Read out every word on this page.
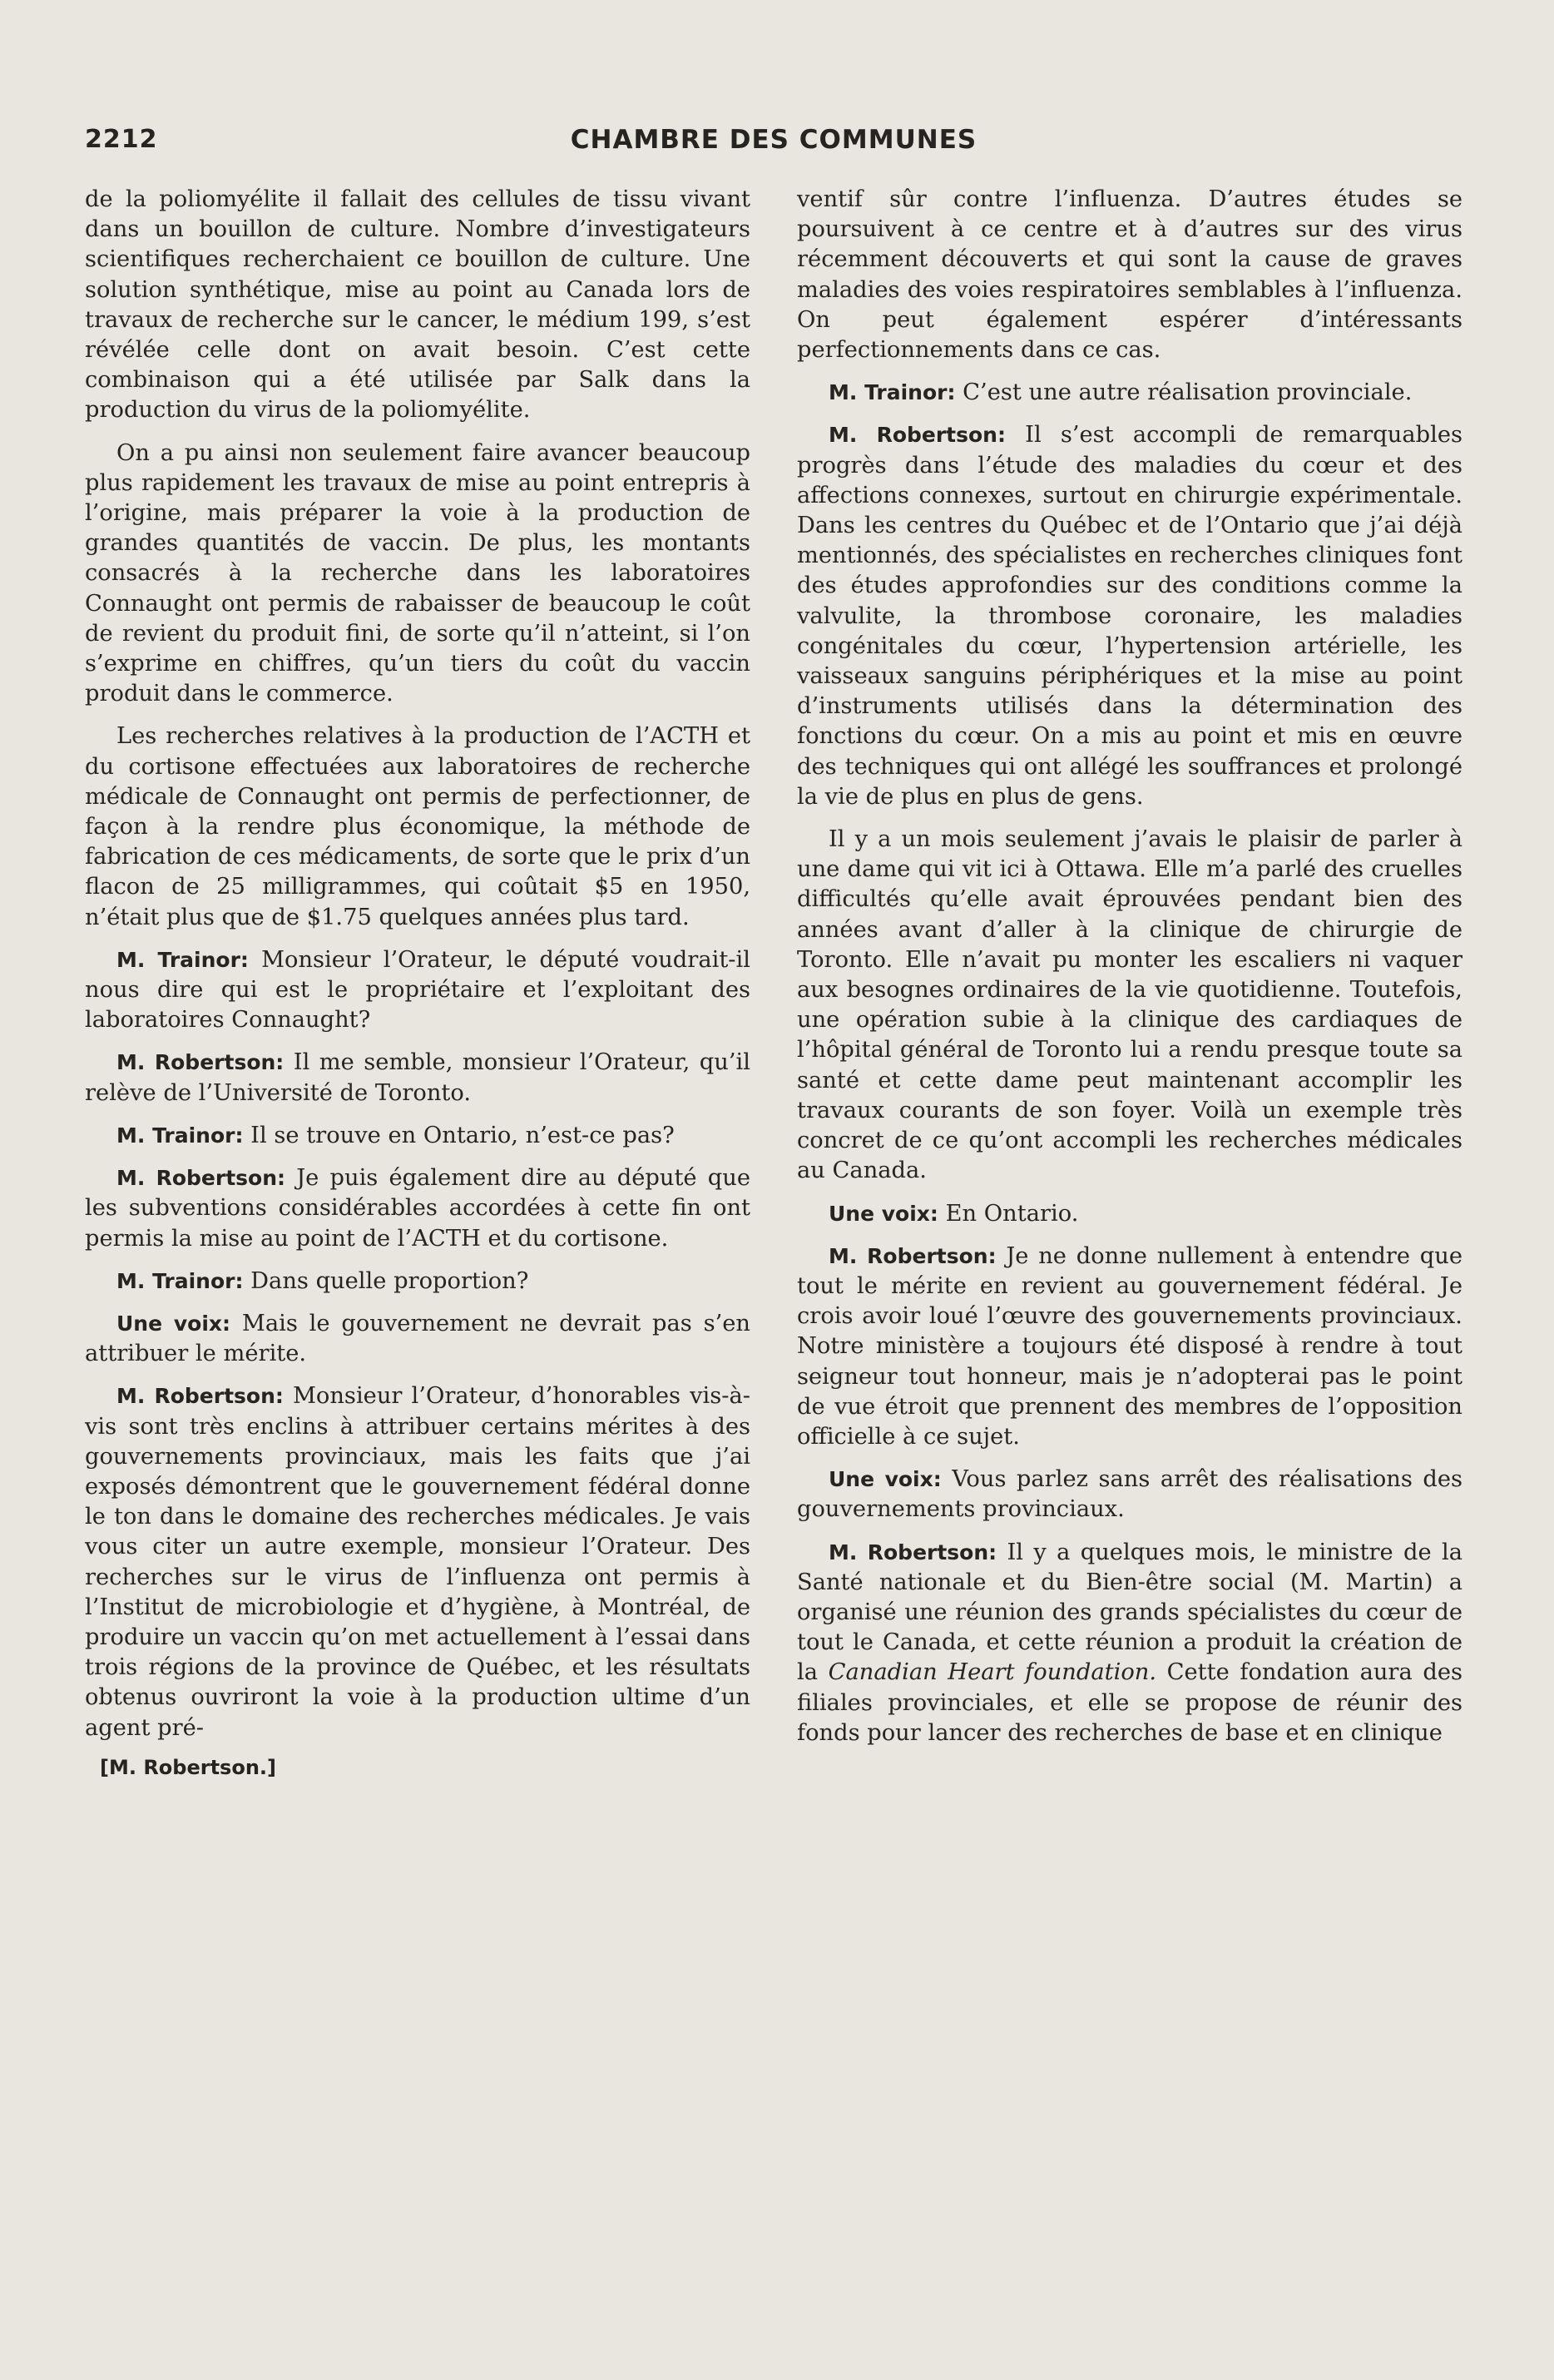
2212	CHAMBRE DES COMMUNES

de la poliomyélite il fallait des cellules de tissu vivant dans un bouillon de culture. Nombre d’investigateurs scientifiques recherchaient ce bouillon de culture. Une solution synthétique, mise au point au Canada lors de travaux de recherche sur le cancer, le médium 199, s’est révélée celle dont on avait besoin. C’est cette combinaison qui a été utilisée par Salk dans la production du virus de la poliomyélite.

On a pu ainsi non seulement faire avancer beaucoup plus rapidement les travaux de mise au point entrepris à l’origine, mais préparer la voie à la production de grandes quantités de vaccin. De plus, les montants consacrés à la recherche dans les laboratoires Connaught ont permis de rabaisser de beaucoup le coût de revient du produit fini, de sorte qu’il n’atteint, si l’on s’exprime en chiffres, qu’un tiers du coût du vaccin produit dans le commerce.

Les recherches relatives à la production de l’ACTH et du cortisone effectuées aux laboratoires de recherche médicale de Connaught ont permis de perfectionner, de façon à la rendre plus économique, la méthode de fabrication de ces médicaments, de sorte que le prix d’un flacon de 25 milligrammes, qui coûtait $5 en 1950, n’était plus que de $1.75 quelques années plus tard.

M. Trainor: Monsieur l’Orateur, le député voudrait-il nous dire qui est le propriétaire et l’exploitant des laboratoires Connaught?

M. Robertson: Il me semble, monsieur l’Orateur, qu’il relève de l’Université de Toronto.

M. Trainor: Il se trouve en Ontario, n’est-ce pas?

M. Robertson: Je puis également dire au député que les subventions considérables accordées à cette fin ont permis la mise au point de l’ACTH et du cortisone.

M. Trainor: Dans quelle proportion?

Une voix: Mais le gouvernement ne devrait pas s’en attribuer le mérite.

M. Robertson: Monsieur l’Orateur, d’honorables vis-à-vis sont très enclins à attribuer certains mérites à des gouvernements provinciaux, mais les faits que j’ai exposés démontrent que le gouvernement fédéral donne le ton dans le domaine des recherches médicales. Je vais vous citer un autre exemple, monsieur l’Orateur. Des recherches sur le virus de l’influenza ont permis à l’Institut de microbiologie et d’hygiène, à Montréal, de produire un vaccin qu’on met actuellement à l’essai dans trois régions de la province de Québec, et les résultats obtenus ouvriront la voie à la production ultime d’un agent pré-

[M. Robertson.]

ventif sûr contre l’influenza. D’autres études se poursuivent à ce centre et à d’autres sur des virus récemment découverts et qui sont la cause de graves maladies des voies respiratoires semblables à l’influenza. On peut également espérer d’intéressants perfectionnements dans ce cas.

M. Trainor: C’est une autre réalisation provinciale.

M. Robertson: Il s’est accompli de remarquables progrès dans l’étude des maladies du cœur et des affections connexes, surtout en chirurgie expérimentale. Dans les centres du Québec et de l’Ontario que j’ai déjà mentionnés, des spécialistes en recherches cliniques font des études approfondies sur des conditions comme la valvulite, la thrombose coronaire, les maladies congénitales du cœur, l’hypertension artérielle, les vaisseaux sanguins périphériques et la mise au point d’instruments utilisés dans la détermination des fonctions du cœur. On a mis au point et mis en œuvre des techniques qui ont allégé les souffrances et prolongé la vie de plus en plus de gens.

Il y a un mois seulement j’avais le plaisir de parler à une dame qui vit ici à Ottawa. Elle m’a parlé des cruelles difficultés qu’elle avait éprouvées pendant bien des années avant d’aller à la clinique de chirurgie de Toronto. Elle n’avait pu monter les escaliers ni vaquer aux besognes ordinaires de la vie quotidienne. Toutefois, une opération subie à la clinique des cardiaques de l’hôpital général de Toronto lui a rendu presque toute sa santé et cette dame peut maintenant accomplir les travaux courants de son foyer. Voilà un exemple très concret de ce qu’ont accompli les recherches médicales au Canada.

Une voix: En Ontario.

M. Robertson: Je ne donne nullement à entendre que tout le mérite en revient au gouvernement fédéral. Je crois avoir loué l’œuvre des gouvernements provinciaux. Notre ministère a toujours été disposé à rendre à tout seigneur tout honneur, mais je n’adopterai pas le point de vue étroit que prennent des membres de l’opposition officielle à ce sujet.

Une voix: Vous parlez sans arrêt des réalisations des gouvernements provinciaux.

M. Robertson: Il y a quelques mois, le ministre de la Santé nationale et du Bien-être social (M. Martin) a organisé une réunion des grands spécialistes du cœur de tout le Canada, et cette réunion a produit la création de la Canadian Heart foundation. Cette fondation aura des filiales provinciales, et elle se propose de réunir des fonds pour lancer des recherches de base et en clinique
